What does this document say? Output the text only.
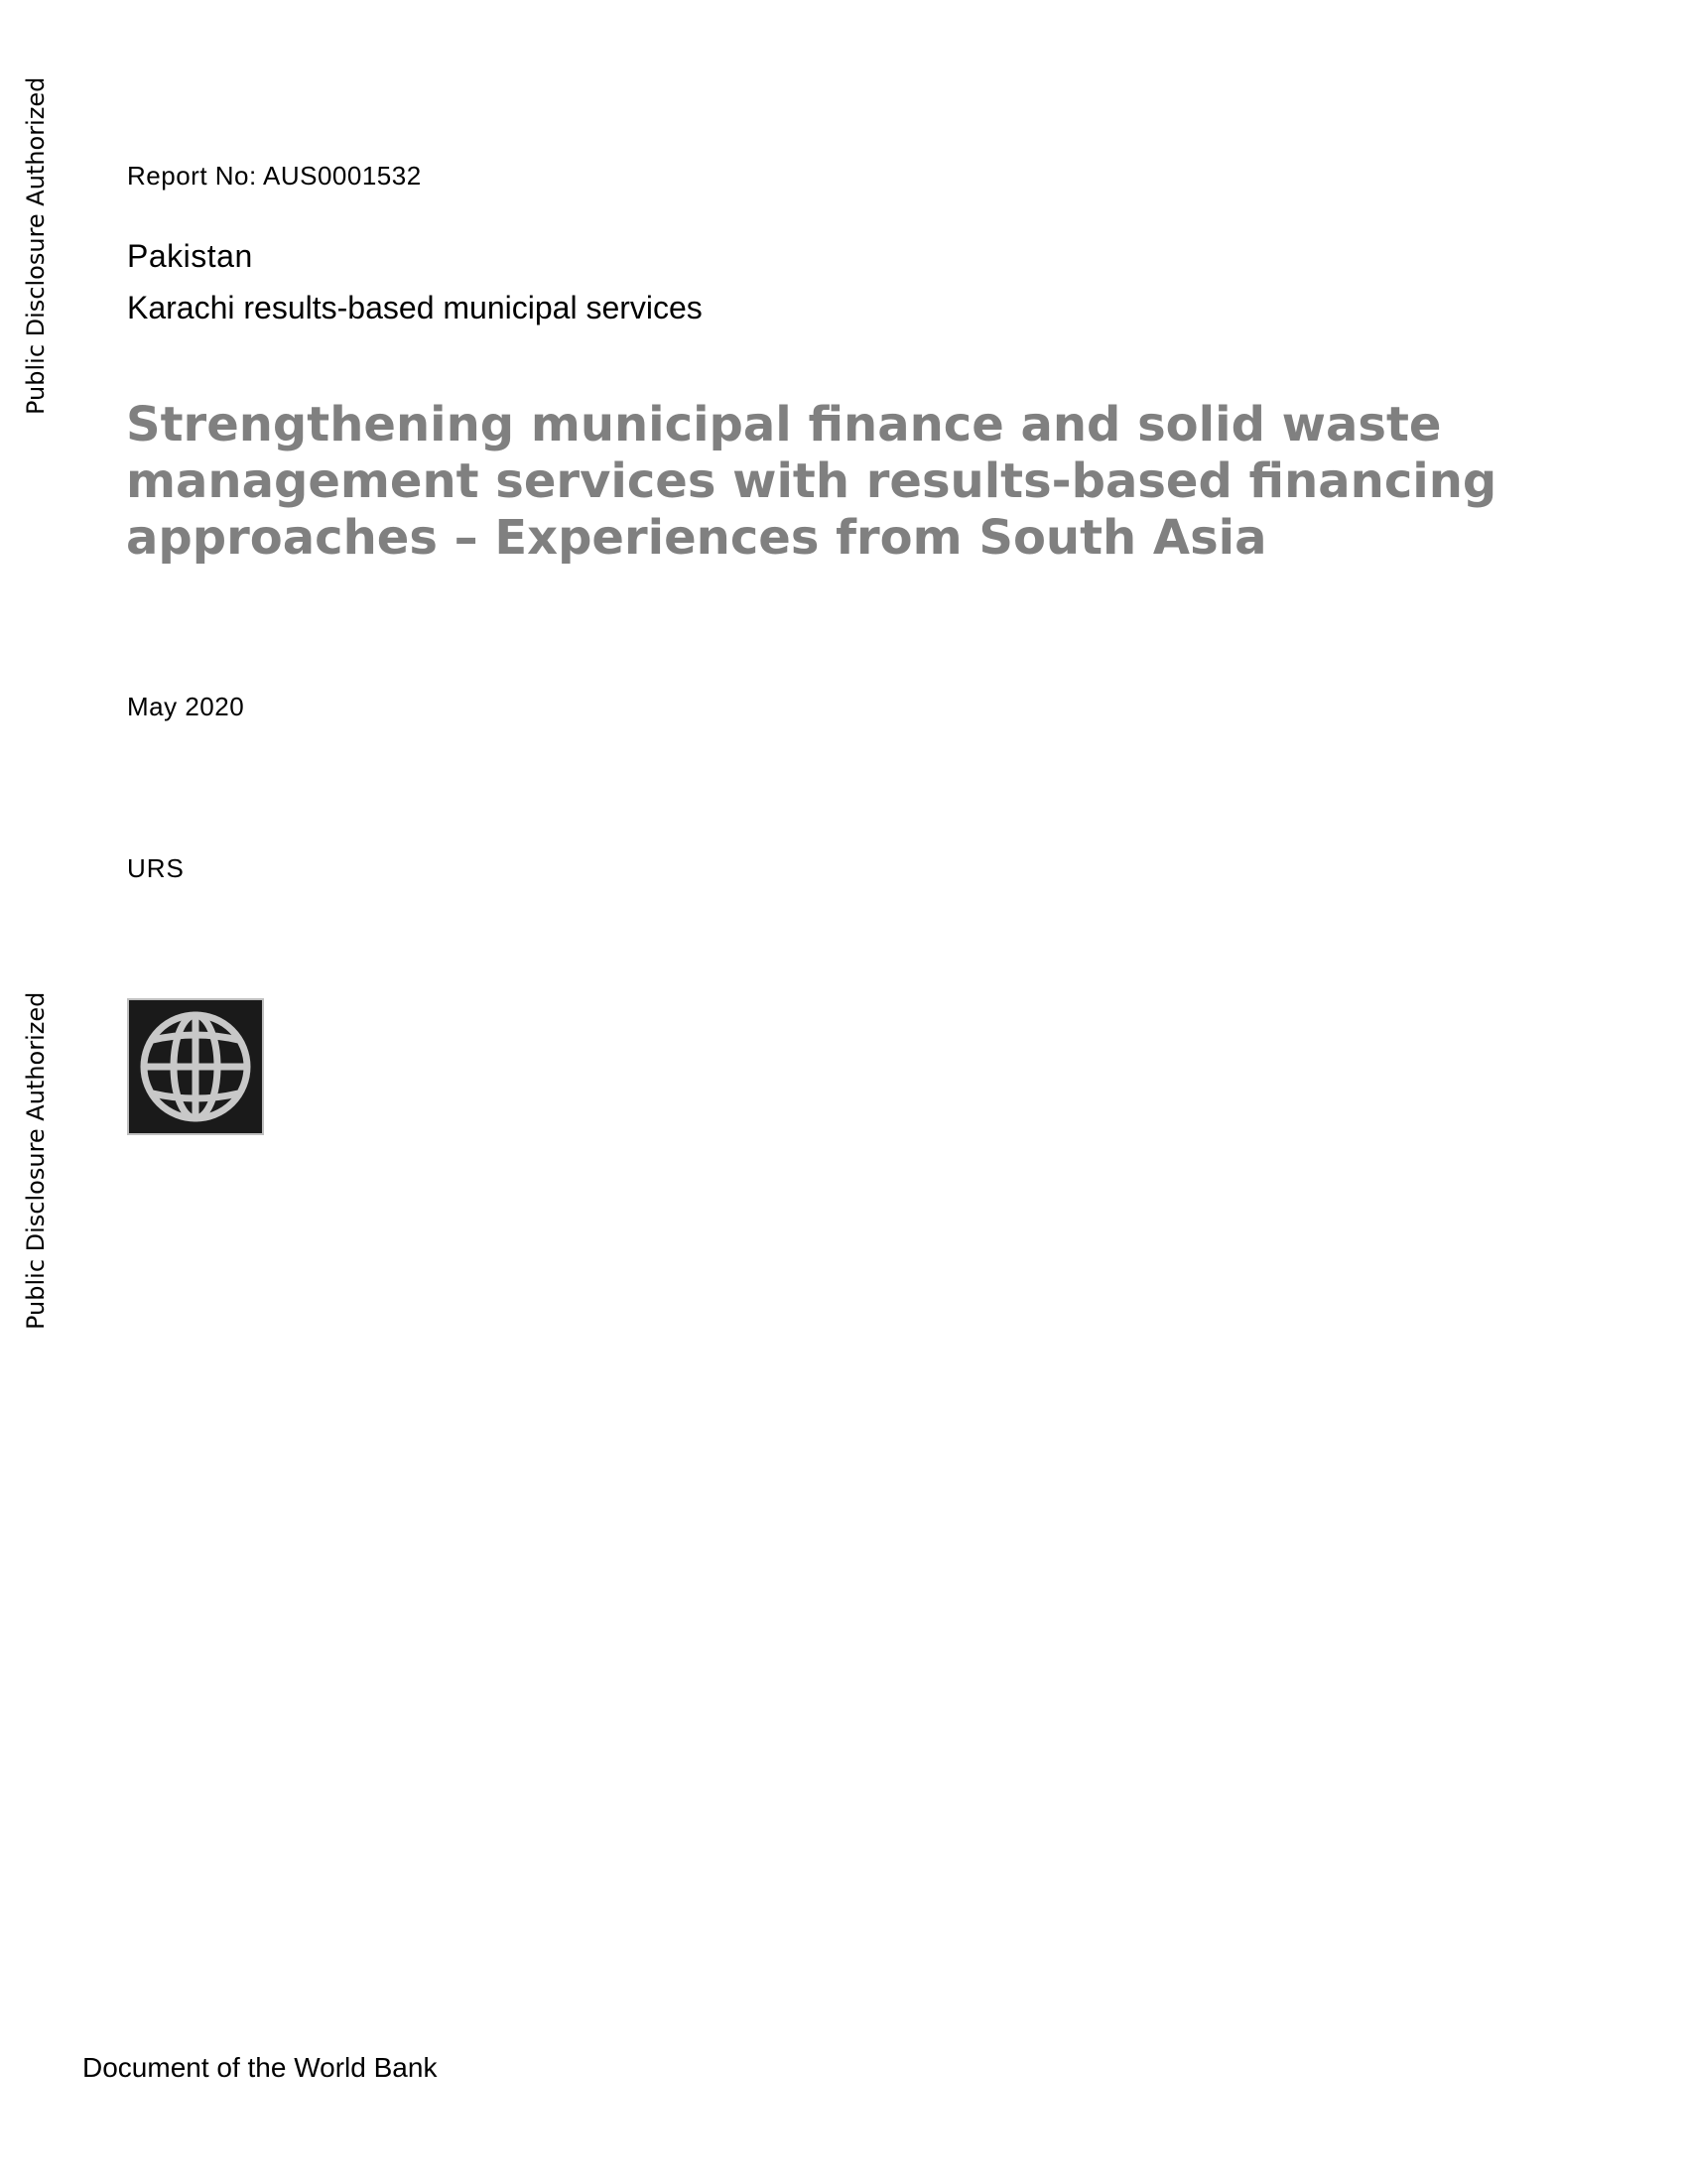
Public Disclosure Authorized
Public Disclosure Authorized
Report No: AUS0001532
Pakistan
Karachi results-based municipal services
Strengthening municipal finance and solid waste management services with results-based financing approaches – Experiences from South Asia
May 2020
URS
Document of the World Bank
